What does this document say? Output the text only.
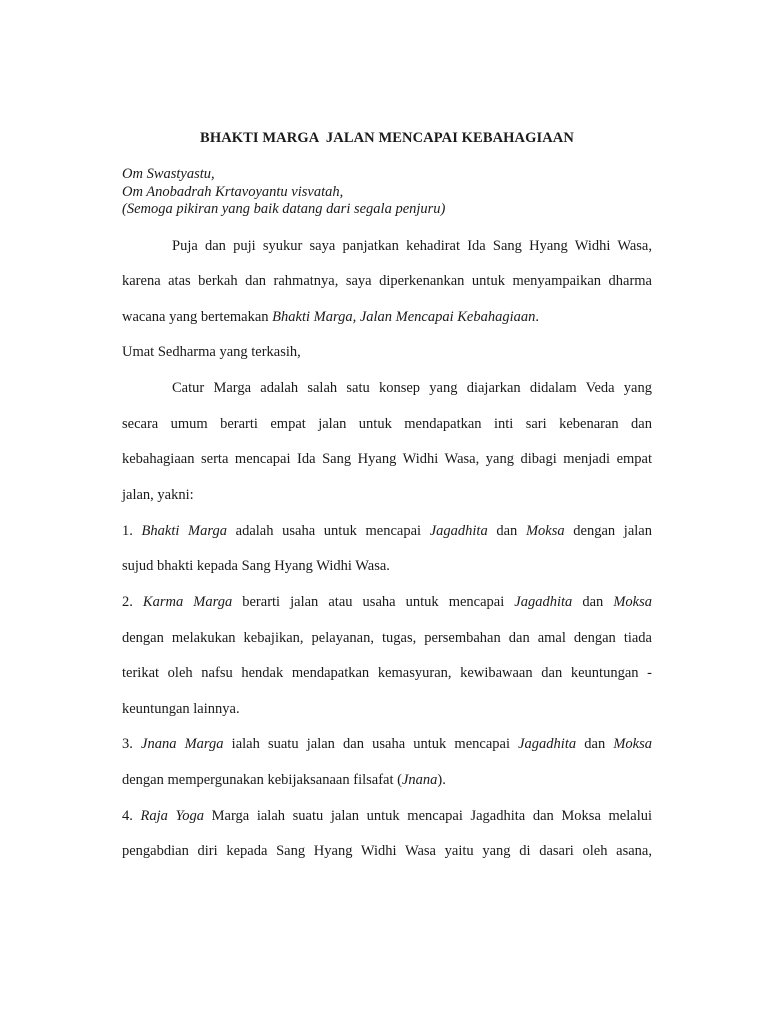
BHAKTI MARGA  JALAN MENCAPAI KEBAHAGIAAN
Om Swastyastu,
Om Anobadrah Krtavoyantu visvatah,
(Semoga pikiran yang baik datang dari segala penjuru)
Puja dan puji syukur saya panjatkan kehadirat Ida Sang Hyang Widhi Wasa,
karena atas berkah dan rahmatnya, saya diperkenankan untuk menyampaikan dharma
wacana yang bertemakan Bhakti Marga, Jalan Mencapai Kebahagiaan.
Umat Sedharma yang terkasih,
Catur Marga adalah salah satu konsep yang diajarkan didalam Veda yang
secara umum berarti empat jalan untuk mendapatkan inti sari kebenaran dan
kebahagiaan serta mencapai Ida Sang Hyang Widhi Wasa, yang dibagi menjadi empat
jalan, yakni:
1. Bhakti Marga adalah usaha untuk mencapai Jagadhita dan Moksa dengan jalan
sujud bhakti kepada Sang Hyang Widhi Wasa.
2. Karma Marga berarti jalan atau usaha untuk mencapai Jagadhita dan Moksa
dengan melakukan kebajikan, pelayanan, tugas, persembahan dan amal dengan tiada
terikat oleh nafsu hendak mendapatkan kemasyuran, kewibawaan dan keuntungan -
keuntungan lainnya.
3. Jnana Marga ialah suatu jalan dan usaha untuk mencapai Jagadhita dan Moksa
dengan mempergunakan kebijaksanaan filsafat (Jnana).
4. Raja Yoga Marga ialah suatu jalan untuk mencapai Jagadhita dan Moksa melalui
pengabdian diri kepada Sang Hyang Widhi Wasa yaitu yang di dasari oleh asana,
